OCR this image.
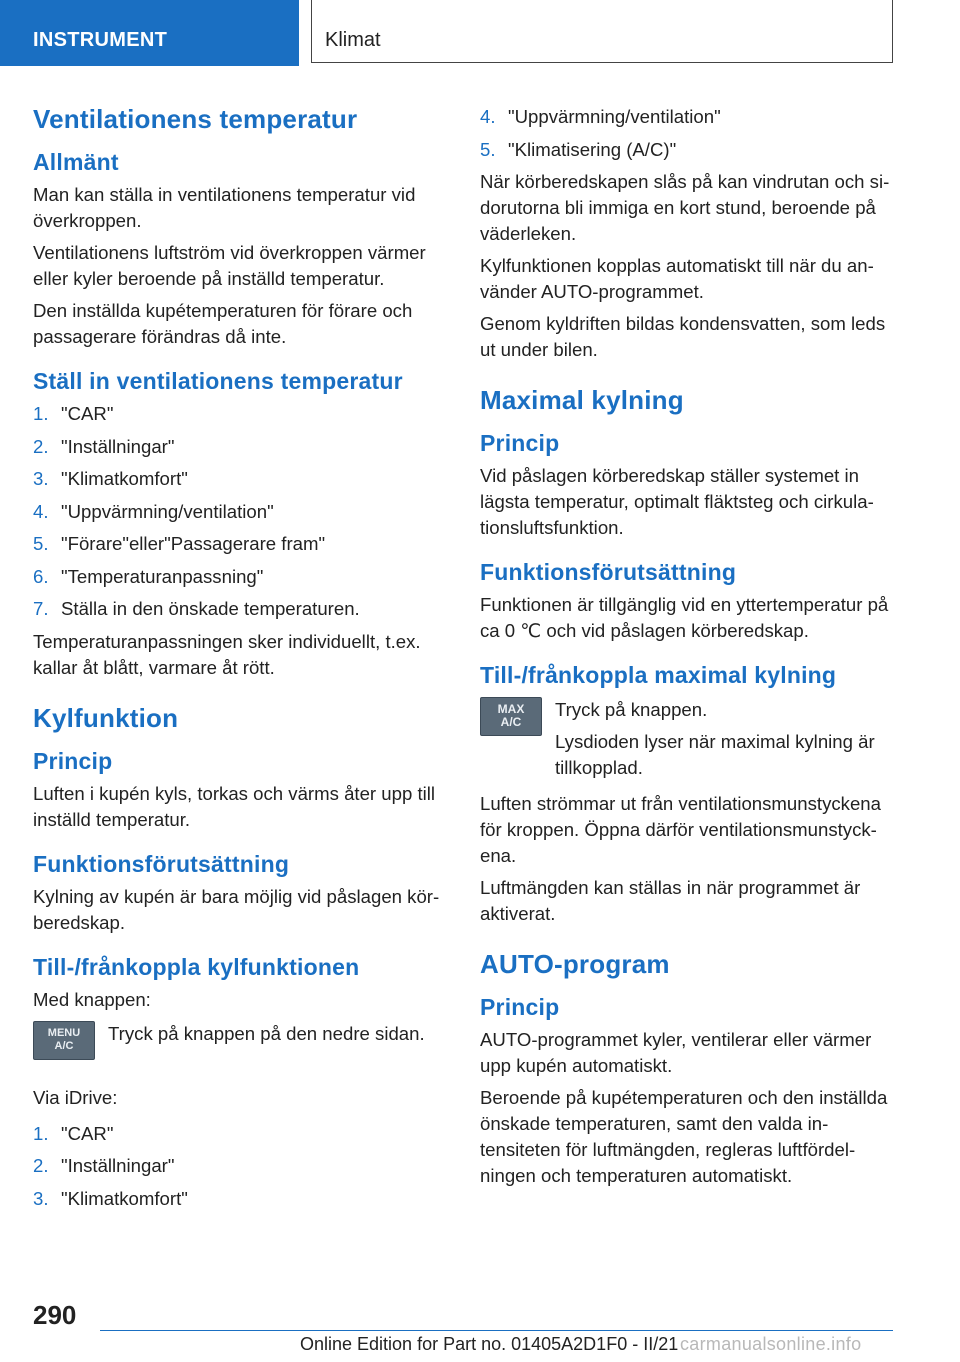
INSTRUMENT	Klimat
Ventilationens temperatur
Allmänt

Man kan ställa in ventilationens temperatur vid överkroppen.

Ventilationens luftström vid överkroppen värmer eller kyler beroende på inställd temperatur.

Den inställda kupétemperaturen för förare och passagerare förändras då inte.

Ställ in ventilationens temperatur
1. "CAR"
2. "Inställningar"
3. "Klimatkomfort"
4. "Uppvärmning/ventilation"
5. "Förare"eller"Passagerare fram"
6. "Temperaturanpassning"
7. Ställa in den önskade temperaturen.

Temperaturanpassningen sker individuellt, t.ex. kallar åt blått, varmare åt rött.

Kylfunktion
Princip

Luften i kupén kyls, torkas och värms åter upp till inställd temperatur.

Funktionsförutsättning

Kylning av kupén är bara möjlig vid påslagen körberedskap.

Till-/frånkoppla kylfunktionen

Med knappen:

MENU
A/C

Tryck på knappen på den nedre sidan.

Via iDrive:

1. "CAR"
2. "Inställningar"
3. "Klimatkomfort"
4. "Uppvärmning/ventilation"
5. "Klimatisering (A/C)"

När körberedskapen slås på kan vindrutan och sidorutorna bli immiga en kort stund, beroende på väderleken.

Kylfunktionen kopplas automatiskt till när du använder AUTO-programmet.

Genom kyldriften bildas kondensvatten, som leds ut under bilen.

Maximal kylning
Princip

Vid påslagen körberedskap ställer systemet in lägsta temperatur, optimalt fläktsteg och cirkulationsluftsfunktion.

Funktionsförutsättning

Funktionen är tillgänglig vid en yttertemperatur på ca 0 ℃ och vid påslagen körberedskap.

Till-/frånkoppla maximal kylning
MAX
A/C

Tryck på knappen.

Lysdioden lyser när maximal kylning är tillkopplad.

Luften strömmar ut från ventilationsmunstyckena för kroppen. Öppna därför ventilationsmunstyckena.

Luftmängden kan ställas in när programmet är aktiverat.

AUTO-program
Princip

AUTO-programmet kyler, ventilerar eller värmer upp kupén automatiskt.

Beroende på kupétemperaturen och den inställda önskade temperaturen, samt den valda intensiteten för luftmängden, regleras luftfördelningen och temperaturen automatiskt.

290
Online Edition for Part no. 01405A2D1F0 - II/21 carmanualsonline.info
